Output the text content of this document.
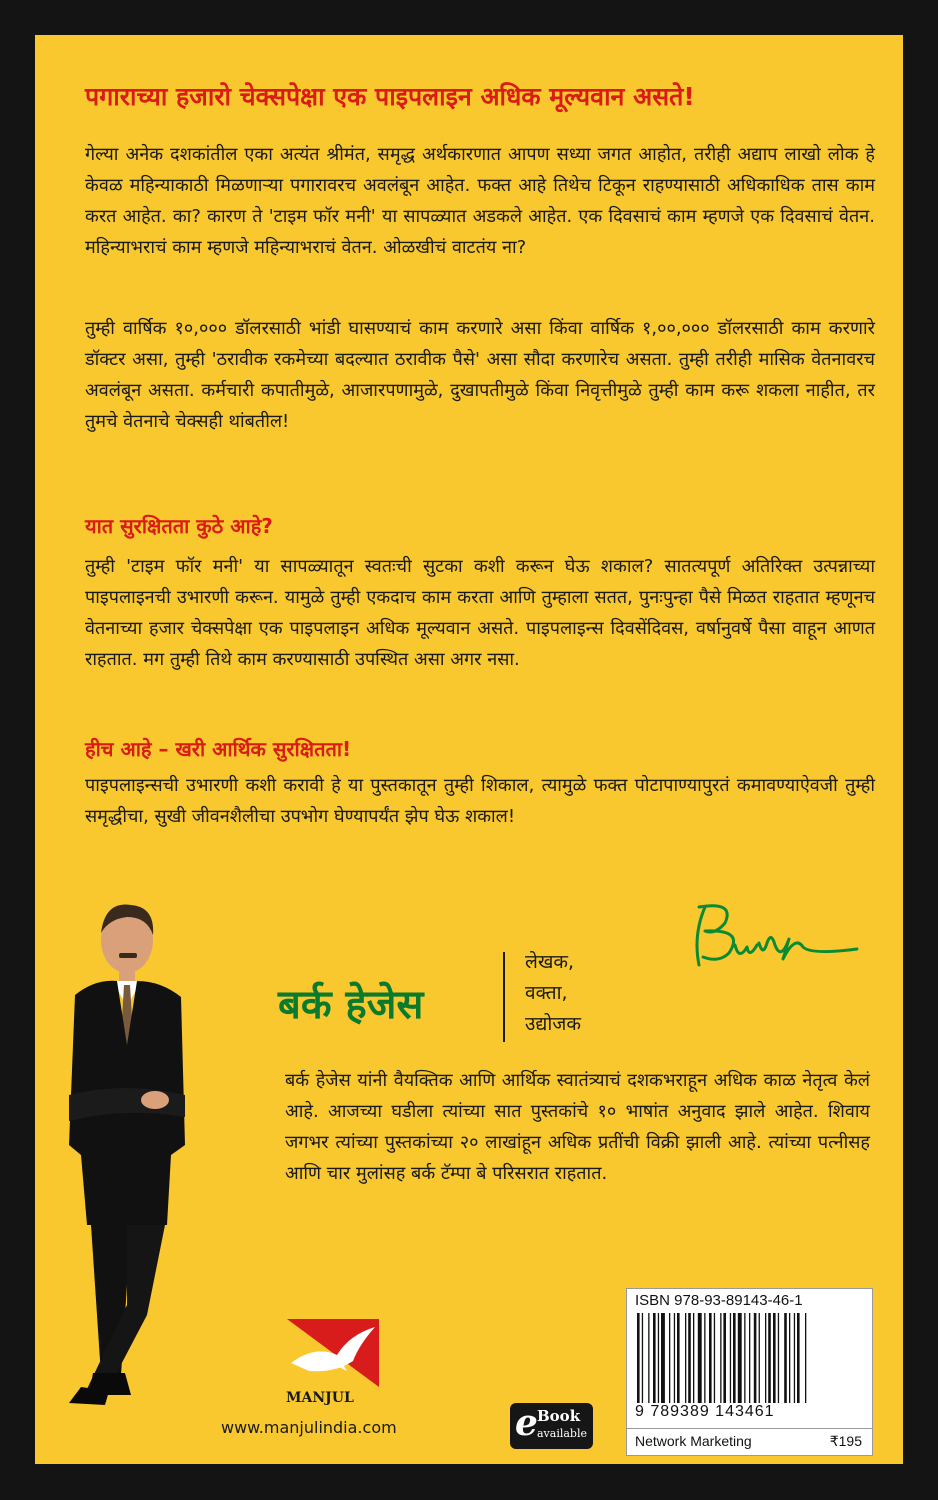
पगाराच्या हजारो चेक्सपेक्षा एक पाइपलाइन अधिक मूल्यवान असते!

गेल्या अनेक दशकांतील एका अत्यंत श्रीमंत, समृद्ध अर्थकारणात आपण सध्या जगत आहोत, तरीही अद्याप लाखो लोक हे केवळ महिन्याकाठी मिळणाऱ्या पगारावरच अवलंबून आहेत. फक्त आहे तिथेच टिकून राहण्यासाठी अधिकाधिक तास काम करत आहेत. का? कारण ते 'टाइम फॉर मनी' या सापळ्यात अडकले आहेत. एक दिवसाचं काम म्हणजे एक दिवसाचं वेतन. महिन्याभराचं काम म्हणजे महिन्याभराचं वेतन. ओळखीचं वाटतंय ना?

तुम्ही वार्षिक १०,००० डॉलरसाठी भांडी घासण्याचं काम करणारे असा किंवा वार्षिक १,००,००० डॉलरसाठी काम करणारे डॉक्टर असा, तुम्ही 'ठरावीक रकमेच्या बदल्यात ठरावीक पैसे' असा सौदा करणारेच असता. तुम्ही तरीही मासिक वेतनावरच अवलंबून असता. कर्मचारी कपातीमुळे, आजारपणामुळे, दुखापतीमुळे किंवा निवृत्तीमुळे तुम्ही काम करू शकला नाहीत, तर तुमचे वेतनाचे चेक्सही थांबतील!

यात सुरक्षितता कुठे आहे?

तुम्ही 'टाइम फॉर मनी' या सापळ्यातून स्वतःची सुटका कशी करून घेऊ शकाल? सातत्यपूर्ण अतिरिक्त उत्पन्नाच्या पाइपलाइनची उभारणी करून. यामुळे तुम्ही एकदाच काम करता आणि तुम्हाला सतत, पुनःपुन्हा पैसे मिळत राहतात म्हणूनच वेतनाच्या हजार चेक्सपेक्षा एक पाइपलाइन अधिक मूल्यवान असते. पाइपलाइन्स दिवसेंदिवस, वर्षानुवर्षे पैसा वाहून आणत राहतात. मग तुम्ही तिथे काम करण्यासाठी उपस्थित असा अगर नसा.

हीच आहे – खरी आर्थिक सुरक्षितता!

पाइपलाइन्सची उभारणी कशी करावी हे या पुस्तकातून तुम्ही शिकाल, त्यामुळे फक्त पोटापाण्यापुरतं कमावण्याऐवजी तुम्ही समृद्धीचा, सुखी जीवनशैलीचा उपभोग घेण्यापर्यंत झेप घेऊ शकाल!

बर्क हेजेस
लेखक,
वक्ता,
उद्योजक

बर्क हेजेस यांनी वैयक्तिक आणि आर्थिक स्वातंत्र्याचं दशकभराहून अधिक काळ नेतृत्व केलं आहे. आजच्या घडीला त्यांच्या सात पुस्तकांचे १० भाषांत अनुवाद झाले आहेत. शिवाय जगभर त्यांच्या पुस्तकांच्या २० लाखांहून अधिक प्रतींची विक्री झाली आहे. त्यांच्या पत्नीसह आणि चार मुलांसह बर्क टॅम्पा बे परिसरात राहतात.

MANJUL
www.manjulindia.com	e Book
available
ISBN 978-93-89143-46-1
9 789389 143461
Network Marketing	₹195
